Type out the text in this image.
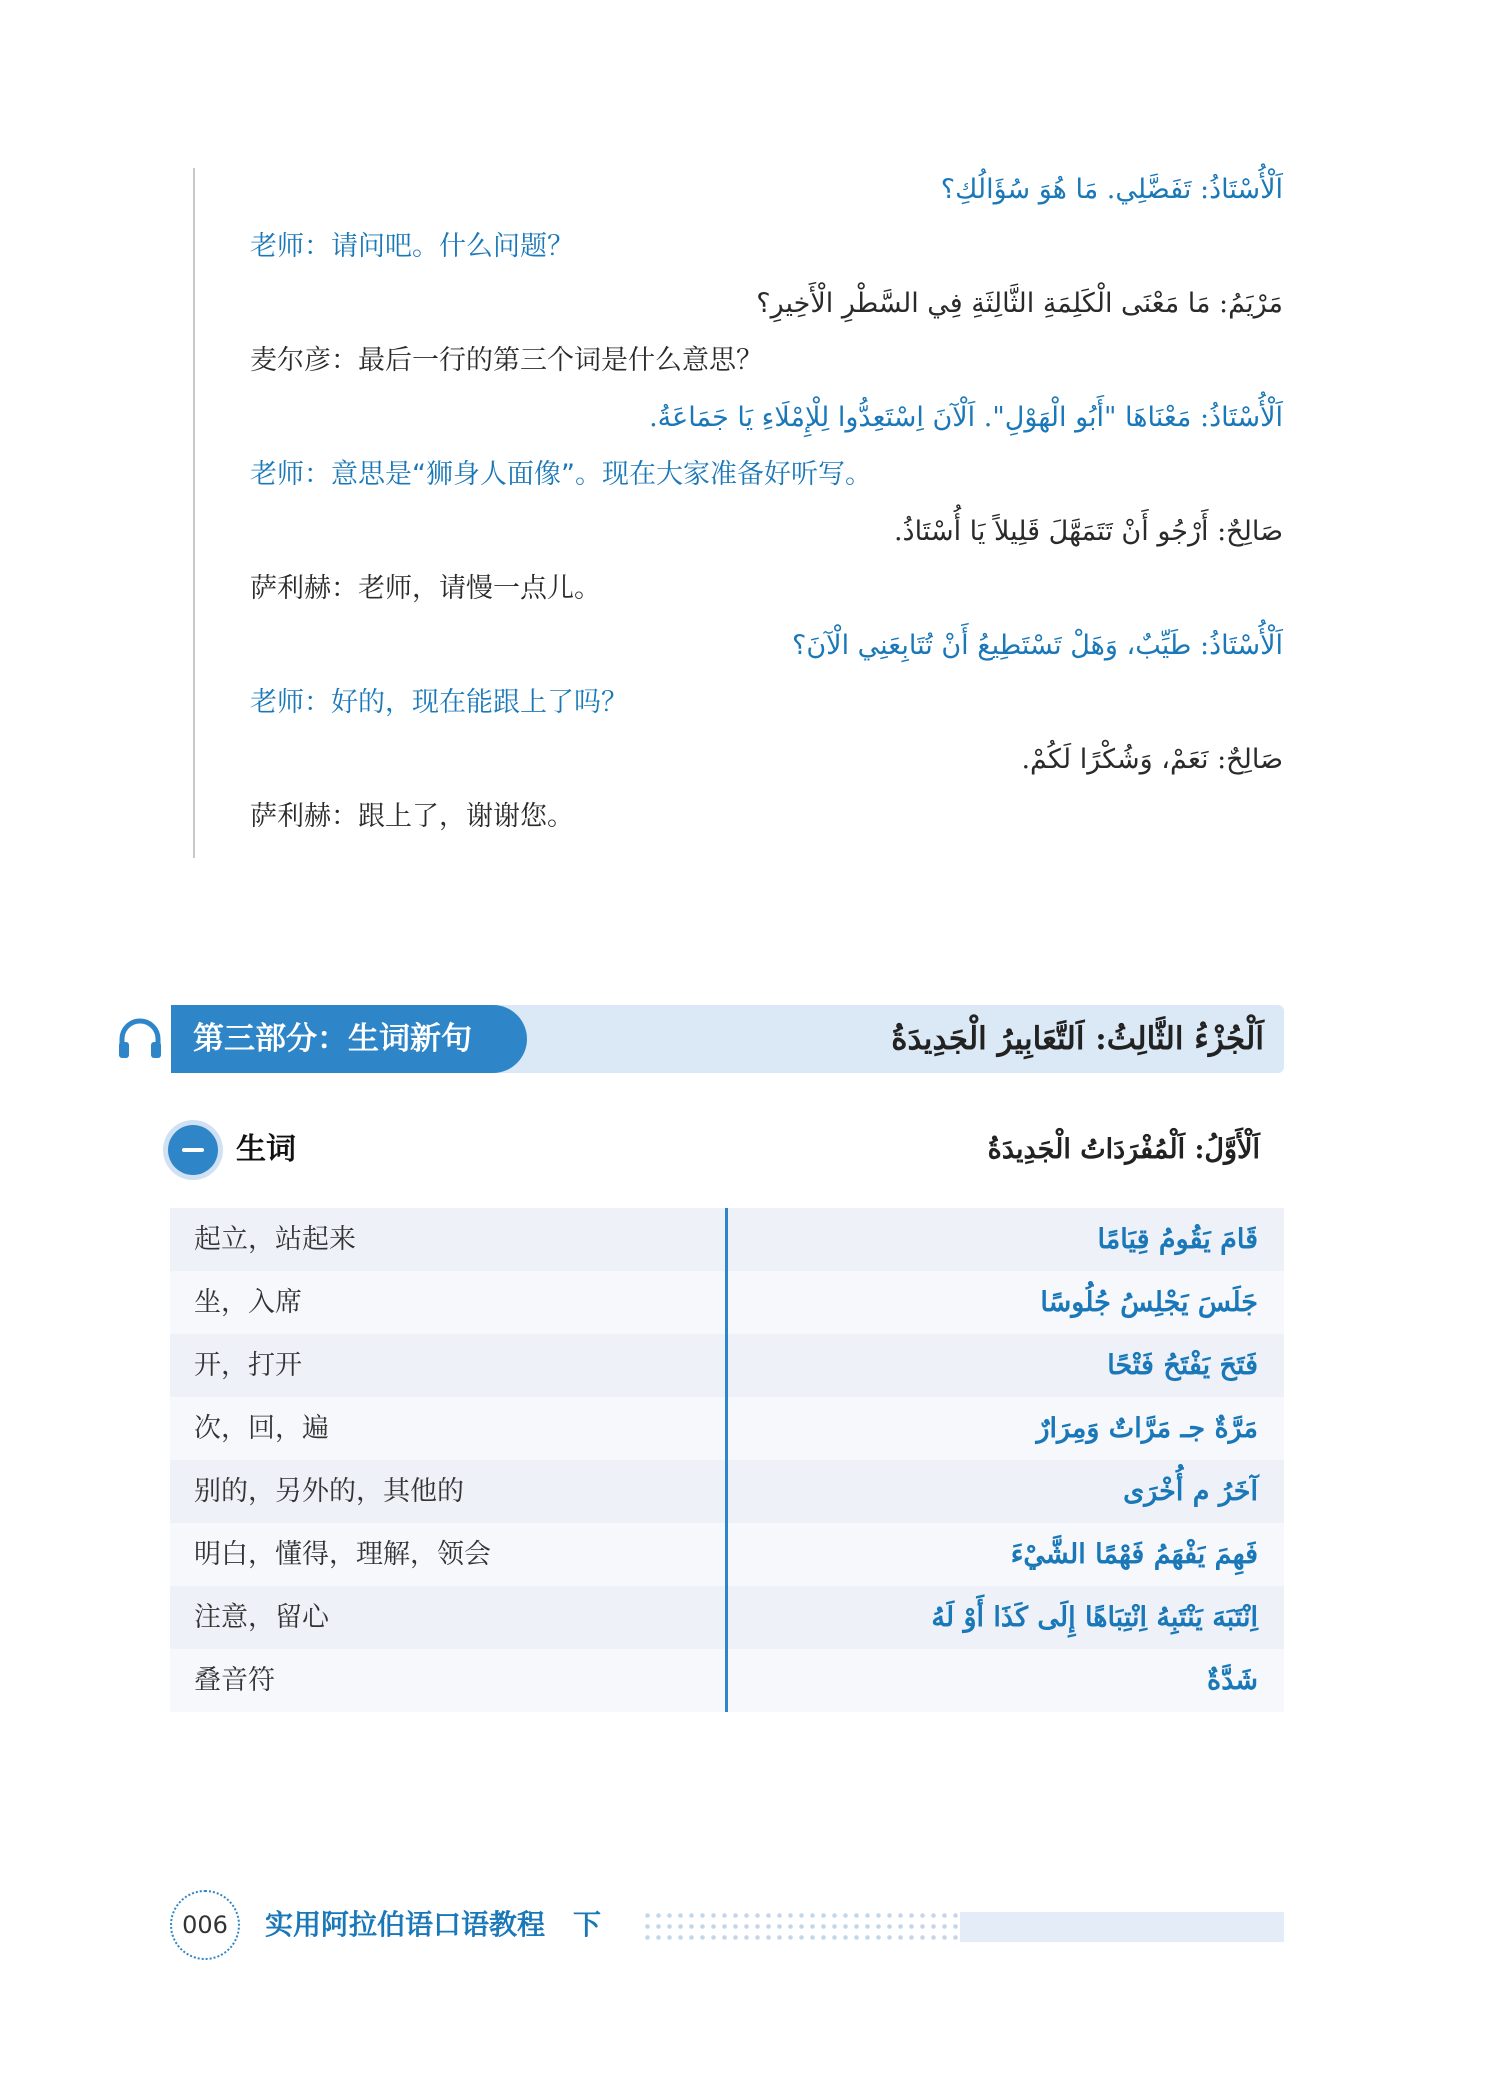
اَلْأُسْتَاذُ: تَفَضَّلِي. مَا هُوَ سُؤَالُكِ؟
老师：请问吧。什么问题？
مَرْيَمُ: مَا مَعْنَى الْكَلِمَةِ الثَّالِثَةِ فِي السَّطْرِ الْأَخِيرِ؟
麦尔彦：最后一行的第三个词是什么意思？
اَلْأُسْتَاذُ: مَعْنَاهَا "أَبُو الْهَوْلِ". اَلْآنَ اِسْتَعِدُّوا لِلْإِمْلَاءِ يَا جَمَاعَةُ.
老师：意思是“狮身人面像”。现在大家准备好听写。
صَالِحٌ: أَرْجُو أَنْ تَتَمَهَّلَ قَلِيلاً يَا أُسْتَاذُ.
萨利赫：老师，请慢一点儿。
اَلْأُسْتَاذُ: طَيِّبٌ، وَهَلْ تَسْتَطِيعُ أَنْ تُتَابِعَنِي الْآنَ؟
老师：好的，现在能跟上了吗？
صَالِحٌ: نَعَمْ، وَشُكْرًا لَكُمْ.
萨利赫：跟上了，谢谢您。
第三部分：生词新句	اَلْجُزْءُ الثَّالِثُ: اَلتَّعَابِيرُ الْجَدِيدَةُ
生词	اَلْأَوَّلُ: اَلْمُفْرَدَاتُ الْجَدِيدَةُ
起立，站起来	قَامَ يَقُومُ قِيَامًا
坐，入席	جَلَسَ يَجْلِسُ جُلُوسًا
开，打开	فَتَحَ يَفْتَحُ فَتْحًا
次，回，遍	مَرَّةٌ جـ مَرَّاتٌ وَمِرَارٌ
别的，另外的，其他的	آخَرُ م أُخْرَى
明白，懂得，理解，领会	فَهِمَ يَفْهَمُ فَهْمًا الشَّيْءَ
注意，留心	اِنْتَبَهَ يَنْتَبِهُ اِنْتِبَاهًا إِلَى كَذَا أَوْ لَهُ
叠音符	شَدَّةٌ
006	实用阿拉伯语口语教程　下
